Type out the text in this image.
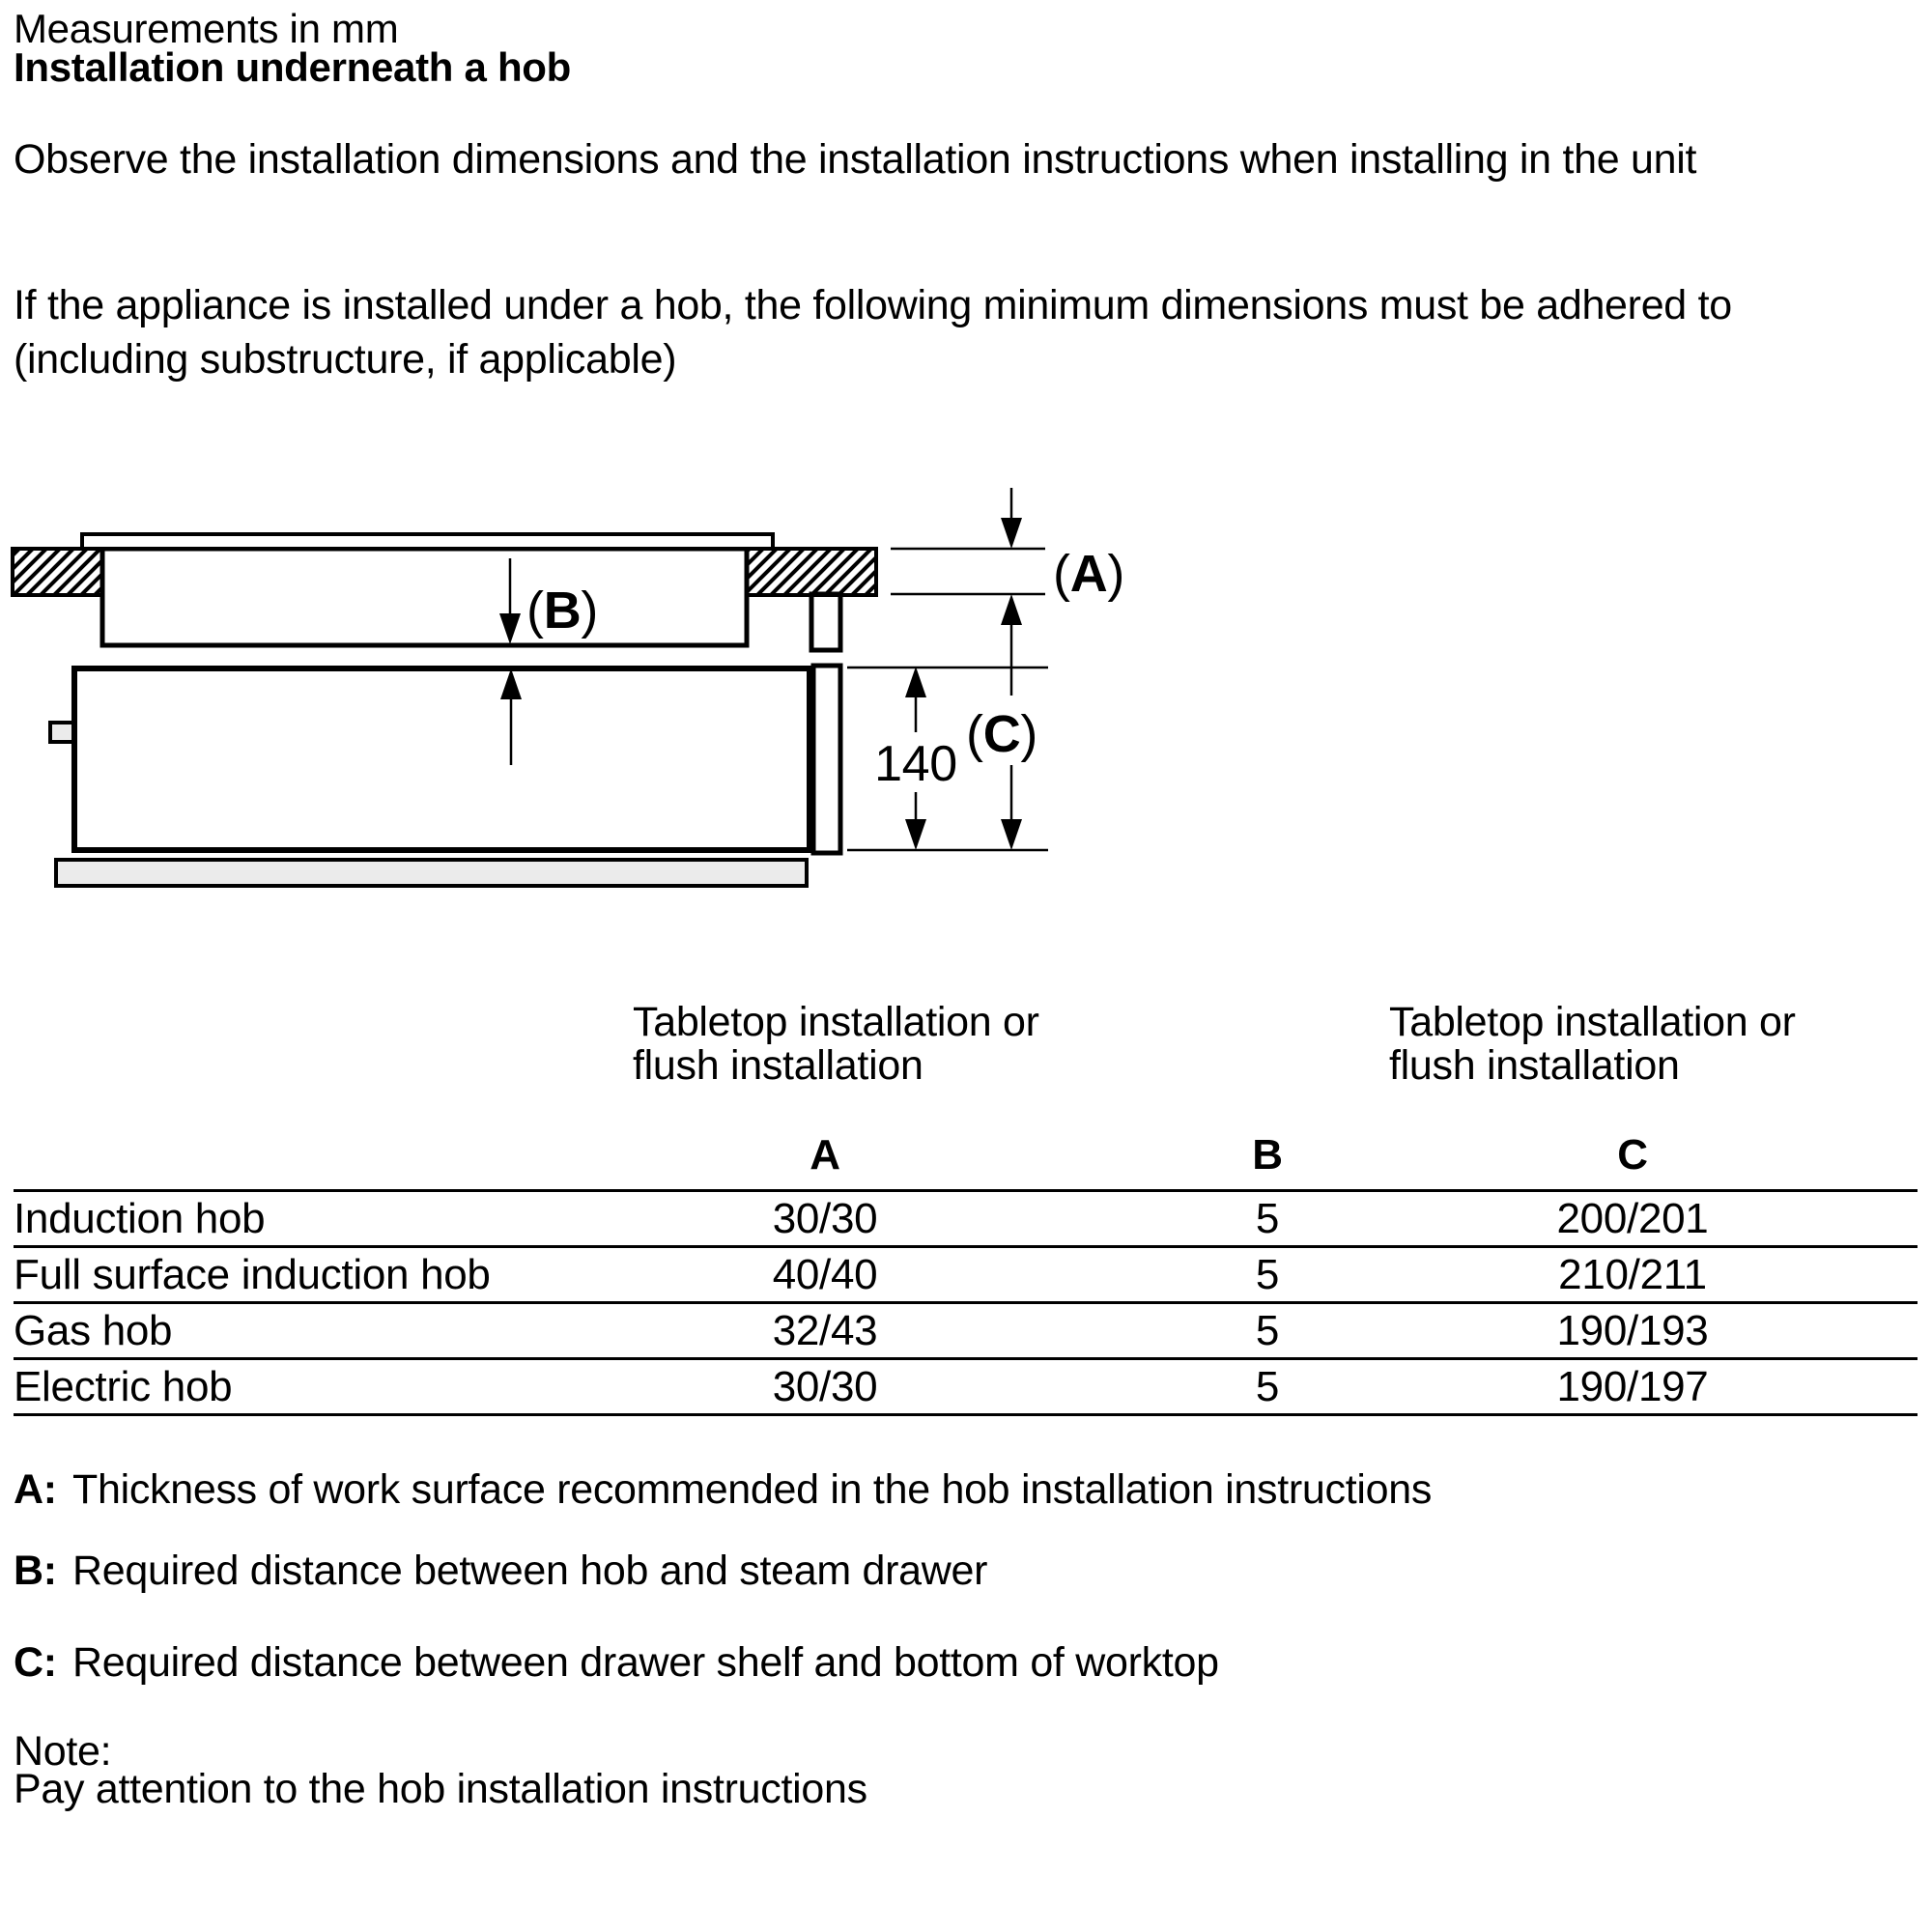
Measurements in mm
Installation underneath a hob
Observe the installation dimensions and the installation instructions when installing in the unit
If the appliance is installed under a hob, the following minimum dimensions must be adhered to (including substructure, if applicable)
(A)
(B)
(C)
140
Tabletop installation or flush installation
Tabletop installation or flush installation
	A	B	C
Induction hob	30/30	5	200/201
Full surface induction hob	40/40	5	210/211
Gas hob	32/43	5	190/193
Electric hob	30/30	5	190/197
A: Thickness of work surface recommended in the hob installation instructions
B: Required distance between hob and steam drawer
C: Required distance between drawer shelf and bottom of worktop
Note:
Pay attention to the hob installation instructions
